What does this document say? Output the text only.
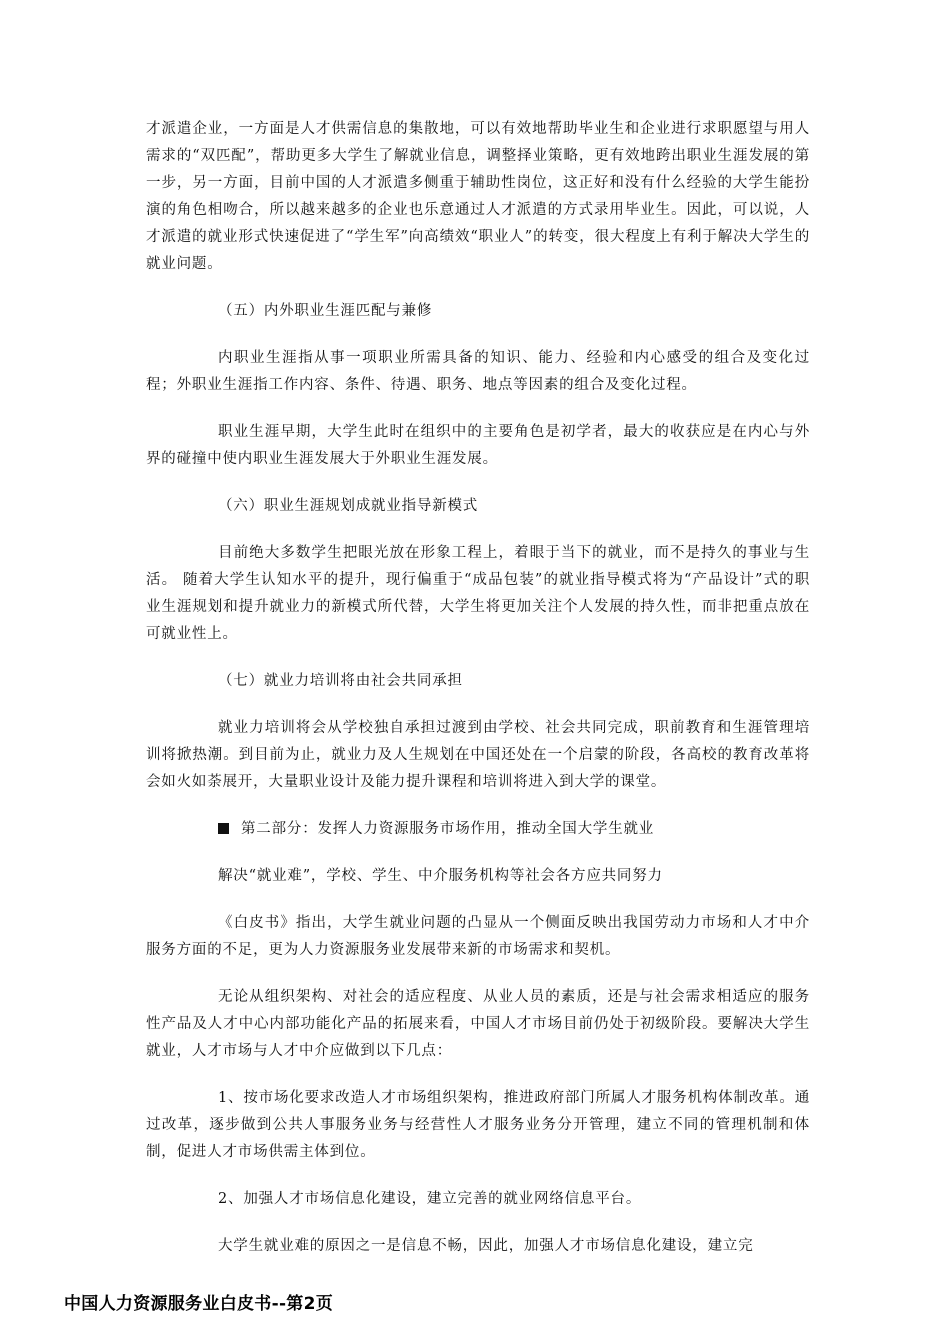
才派遣企业，一方面是人才供需信息的集散地，可以有效地帮助毕业生和企业进行求职愿望与用人需求的“双匹配”，帮助更多大学生了解就业信息，调整择业策略，更有效地跨出职业生涯发展的第一步，另一方面，目前中国的人才派遣多侧重于辅助性岗位，这正好和没有什么经验的大学生能扮演的角色相吻合，所以越来越多的企业也乐意通过人才派遣的方式录用毕业生。因此，可以说，人才派遣的就业形式快速促进了“学生军”向高绩效“职业人”的转变，很大程度上有利于解决大学生的就业问题。

（五）内外职业生涯匹配与兼修

内职业生涯指从事一项职业所需具备的知识、能力、经验和内心感受的组合及变化过程；外职业生涯指工作内容、条件、待遇、职务、地点等因素的组合及变化过程。

职业生涯早期，大学生此时在组织中的主要角色是初学者，最大的收获应是在内心与外界的碰撞中使内职业生涯发展大于外职业生涯发展。

（六）职业生涯规划成就业指导新模式

目前绝大多数学生把眼光放在形象工程上，着眼于当下的就业，而不是持久的事业与生活。 随着大学生认知水平的提升，现行偏重于“成品包装”的就业指导模式将为“产品设计”式的职业生涯规划和提升就业力的新模式所代替，大学生将更加关注个人发展的持久性，而非把重点放在可就业性上。

（七）就业力培训将由社会共同承担

就业力培训将会从学校独自承担过渡到由学校、社会共同完成，职前教育和生涯管理培训将掀热潮。到目前为止，就业力及人生规划在中国还处在一个启蒙的阶段，各高校的教育改革将会如火如荼展开，大量职业设计及能力提升课程和培训将进入到大学的课堂。

第二部分：发挥人力资源服务市场作用，推动全国大学生就业

解决“就业难”，学校、学生、中介服务机构等社会各方应共同努力

《白皮书》指出，大学生就业问题的凸显从一个侧面反映出我国劳动力市场和人才中介服务方面的不足，更为人力资源服务业发展带来新的市场需求和契机。

无论从组织架构、对社会的适应程度、从业人员的素质，还是与社会需求相适应的服务性产品及人才中心内部功能化产品的拓展来看，中国人才市场目前仍处于初级阶段。要解决大学生就业，人才市场与人才中介应做到以下几点：

1、按市场化要求改造人才市场组织架构，推进政府部门所属人才服务机构体制改革。通过改革，逐步做到公共人事服务业务与经营性人才服务业务分开管理，建立不同的管理机制和体制，促进人才市场供需主体到位。

2、加强人才市场信息化建设，建立完善的就业网络信息平台。

大学生就业难的原因之一是信息不畅，因此，加强人才市场信息化建设，建立完

中国人力资源服务业白皮书--第2页
